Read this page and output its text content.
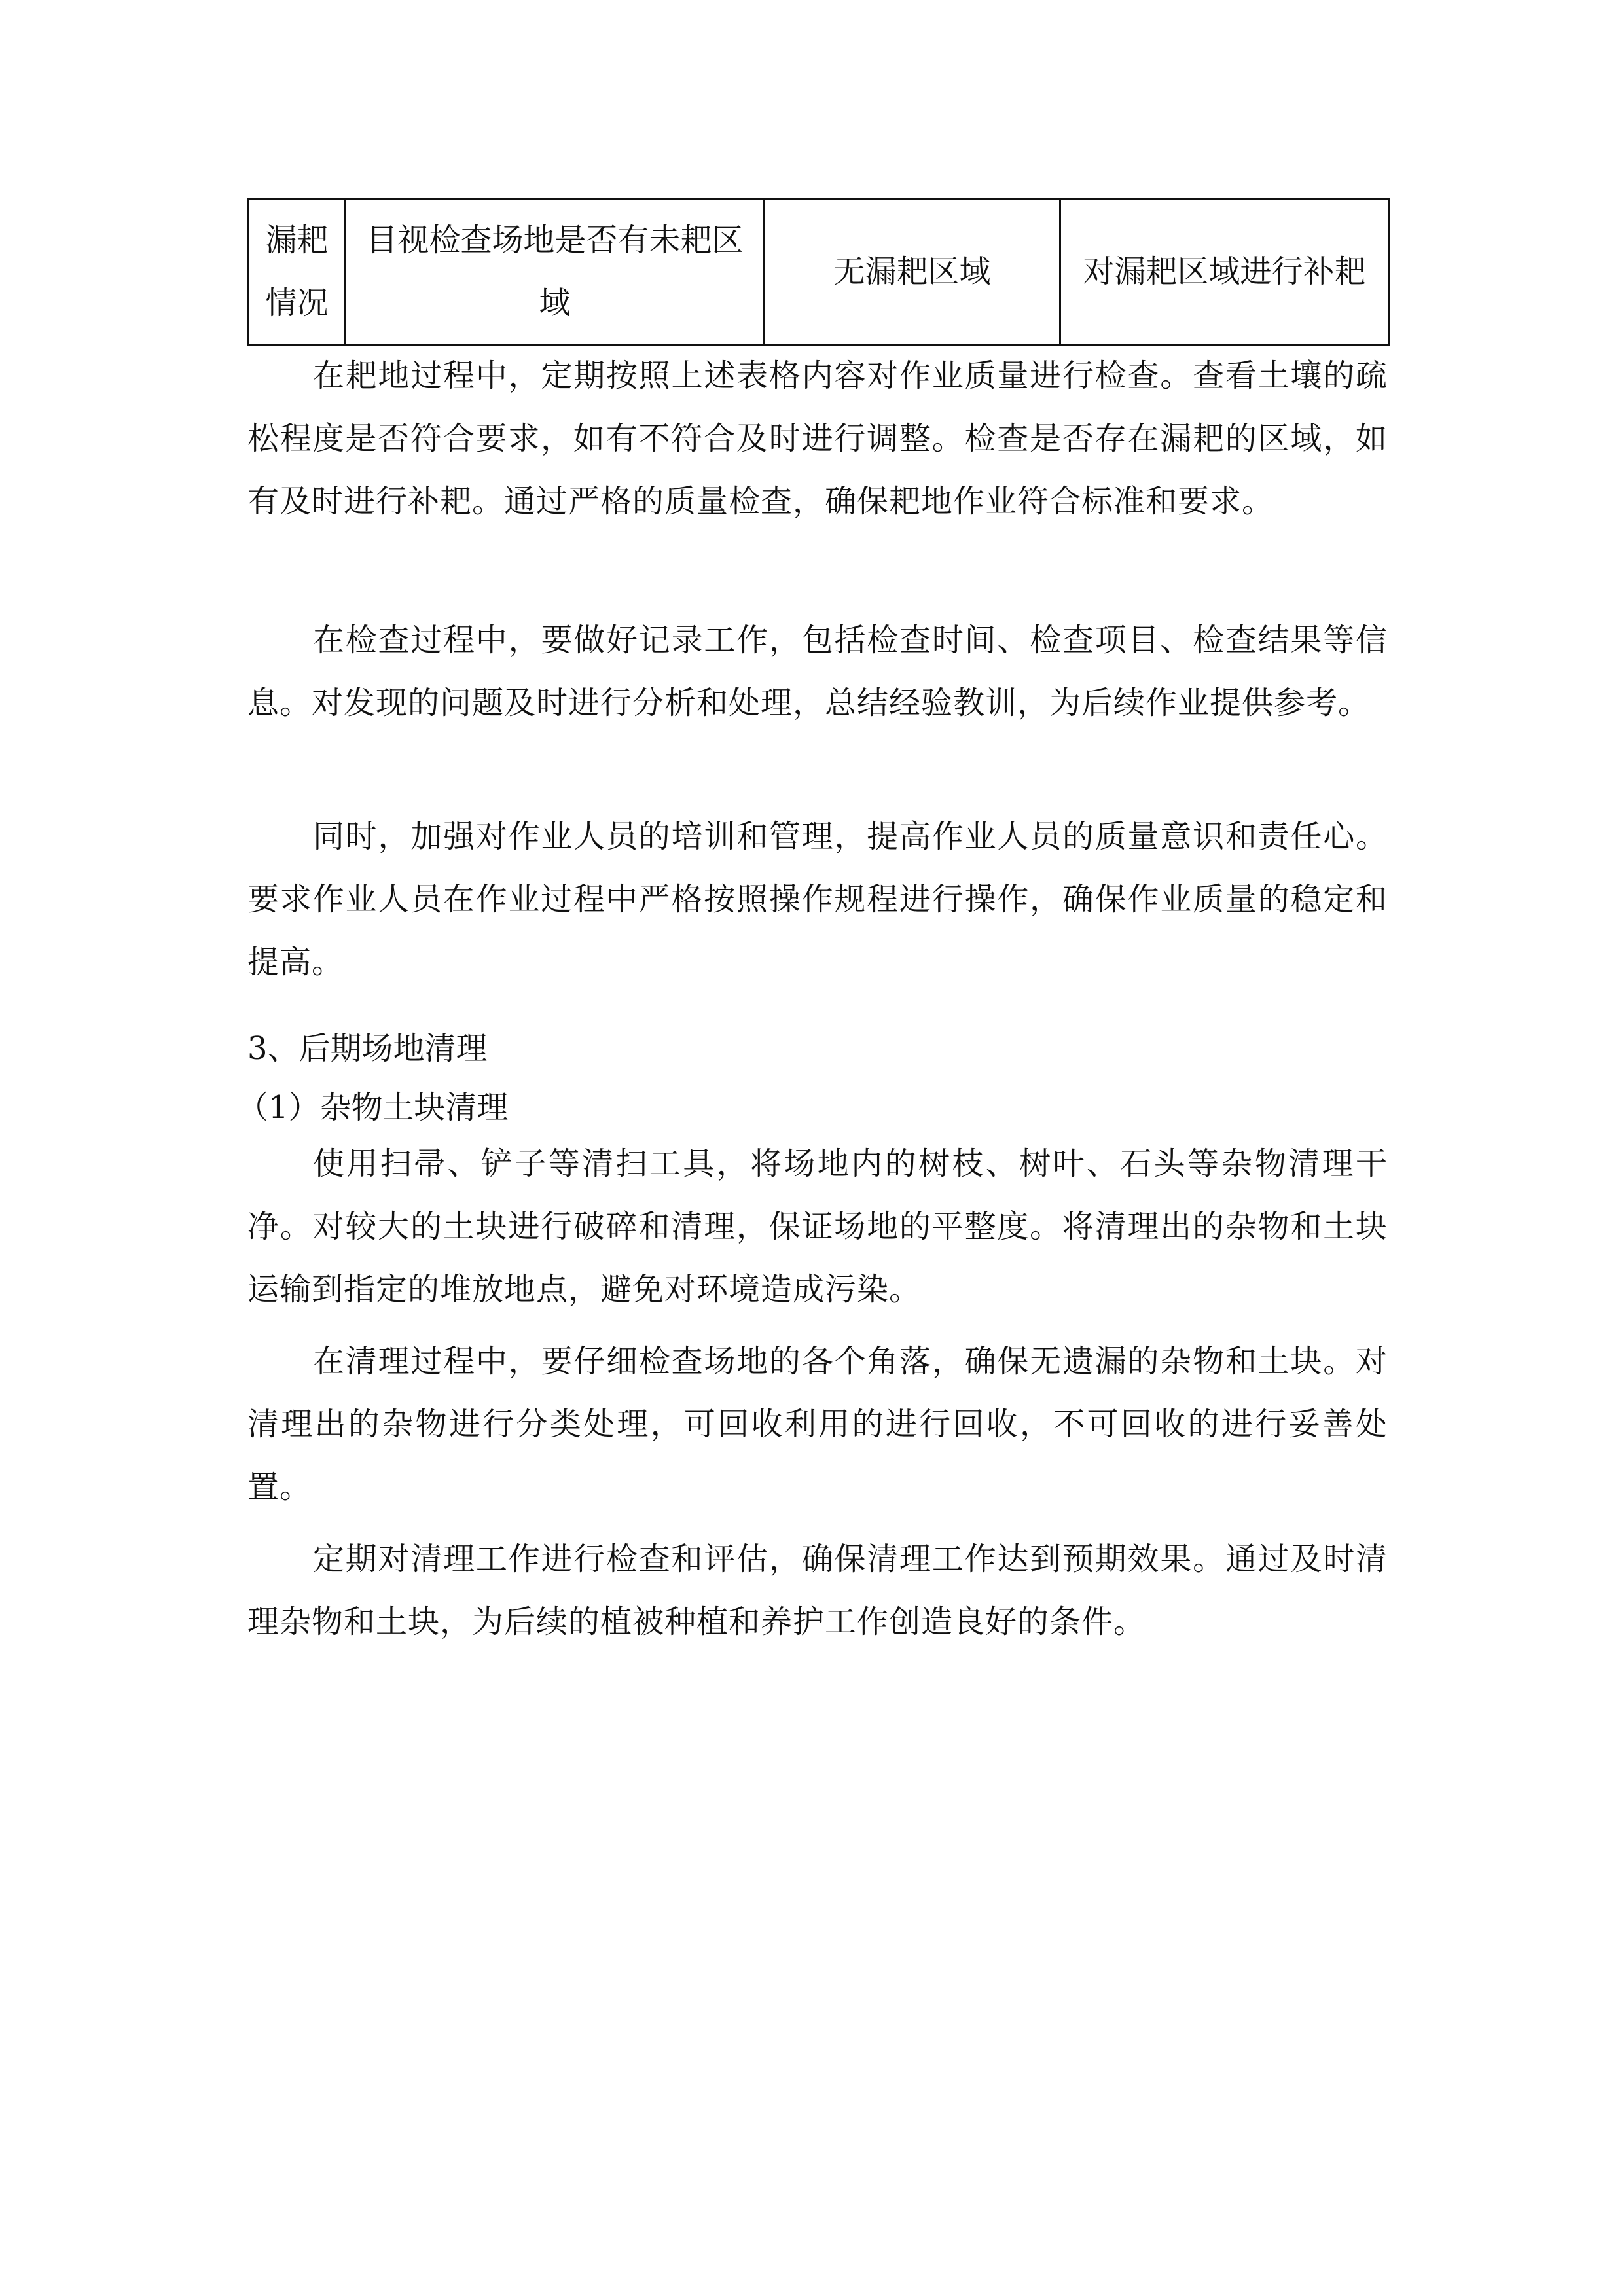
漏耙情况	目视检查场地是否有未耙区域	无漏耙区域	对漏耙区域进行补耙

在耙地过程中，定期按照上述表格内容对作业质量进行检查。查看土壤的疏松程度是否符合要求，如有不符合及时进行调整。检查是否存在漏耙的区域，如有及时进行补耙。通过严格的质量检查，确保耙地作业符合标准和要求。

在检查过程中，要做好记录工作，包括检查时间、检查项目、检查结果等信息。对发现的问题及时进行分析和处理，总结经验教训，为后续作业提供参考。

同时，加强对作业人员的培训和管理，提高作业人员的质量意识和责任心。要求作业人员在作业过程中严格按照操作规程进行操作，确保作业质量的稳定和提高。

3、后期场地清理

（1）杂物土块清理

使用扫帚、铲子等清扫工具，将场地内的树枝、树叶、石头等杂物清理干净。对较大的土块进行破碎和清理，保证场地的平整度。将清理出的杂物和土块运输到指定的堆放地点，避免对环境造成污染。

在清理过程中，要仔细检查场地的各个角落，确保无遗漏的杂物和土块。对清理出的杂物进行分类处理，可回收利用的进行回收，不可回收的进行妥善处置。

定期对清理工作进行检查和评估，确保清理工作达到预期效果。通过及时清理杂物和土块，为后续的植被种植和养护工作创造良好的条件。
